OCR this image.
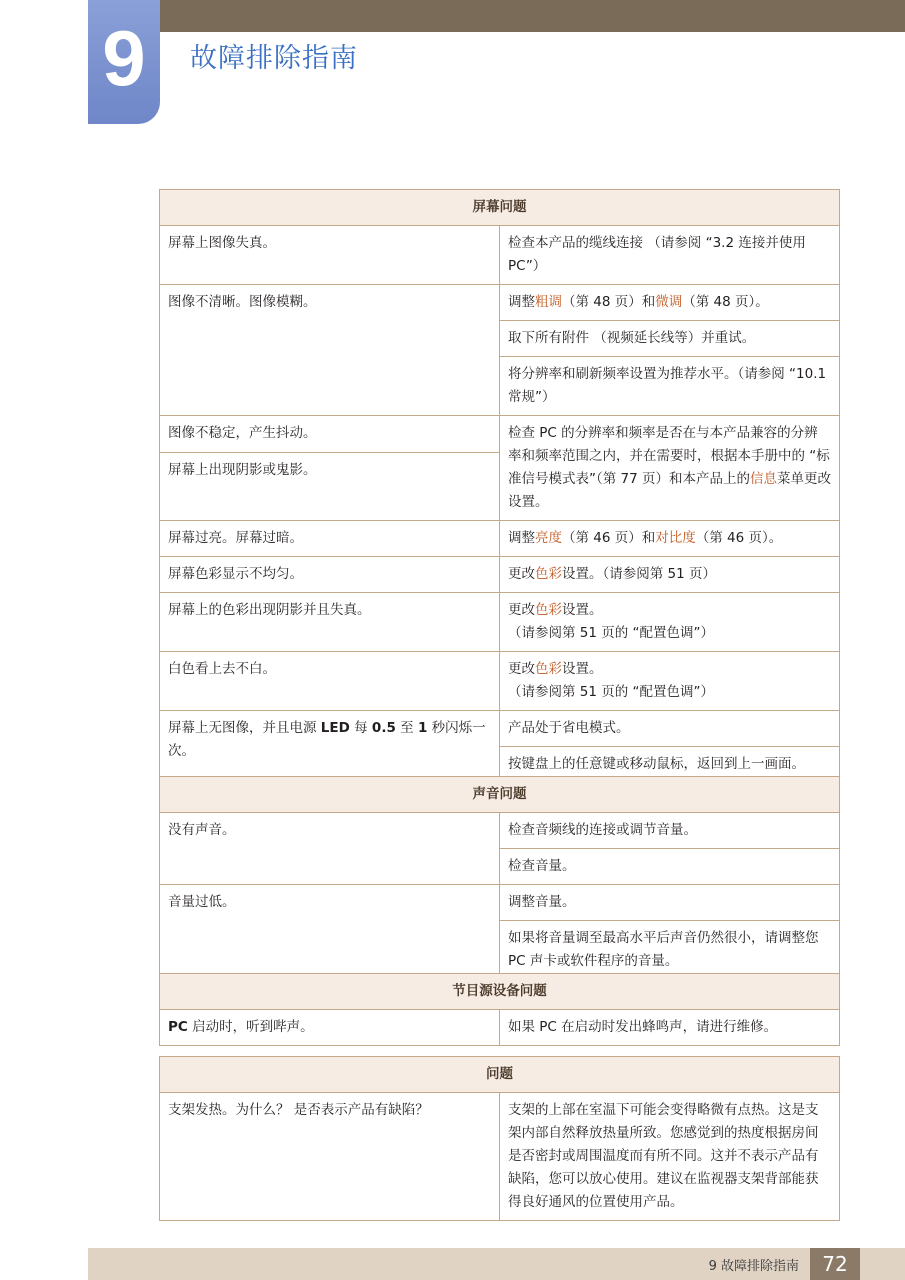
9	故障排除指南
屏幕问题	
屏幕上图像失真。	检查本产品的缆线连接 （请参阅 “3.2 连接并使用 PC”）
图像不清晰。图像模糊。	调整粗调（第 48 页）和微调（第 48 页）。
	取下所有附件 （视频延长线等）并重试。
	将分辨率和刷新频率设置为推荐水平。（请参阅 “10.1 常规”）
图像不稳定，产生抖动。	检查 PC 的分辨率和频率是否在与本产品兼容的分辨率和频率范围之内，并在需要时，根据本手册中的 “标准信号模式表”（第 77 页）和本产品上的信息菜单更改设置。
屏幕上出现阴影或鬼影。	
屏幕过亮。屏幕过暗。	调整亮度（第 46 页）和对比度（第 46 页）。
屏幕色彩显示不均匀。	更改色彩设置。（请参阅第 51 页）
屏幕上的色彩出现阴影并且失真。	更改色彩设置。
（请参阅第 51 页的 “配置色调”）

白色看上去不白。	更改色彩设置。
（请参阅第 51 页的 “配置色调”）

屏幕上无图像，并且电源 LED 每 0.5 至 1 秒闪烁一次。	产品处于省电模式。
	按键盘上的任意键或移动鼠标，返回到上一画面。
声音问题	
没有声音。	检查音频线的连接或调节音量。
	检查音量。
音量过低。	调整音量。
	如果将音量调至最高水平后声音仍然很小，请调整您 PC 声卡或软件程序的音量。
节目源设备问题
PC 启动时，听到哔声。	如果 PC 在启动时发出蜂鸣声，请进行维修。
问题
支架发热。为什么？ 是否表示产品有缺陷？	支架的上部在室温下可能会变得略微有点热。这是支架内部自然释放热量所致。您感觉到的热度根据房间是否密封或周围温度而有所不同。这并不表示产品有缺陷，您可以放心使用。建议在监视器支架背部能获得良好通风的位置使用产品。
9 故障排除指南	72
